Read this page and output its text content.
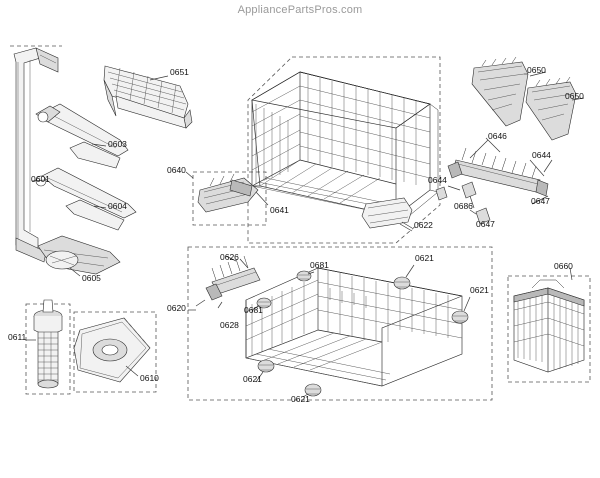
AppliancePartsPros.com
0651
0603
0601
0604
0605
0611
0610
0640
0641
0622
0644
0646
0644
0686	0647
0647
0650
0650
0626
0681
0681
0620
0628
0621
0621
0621
0621
0660
